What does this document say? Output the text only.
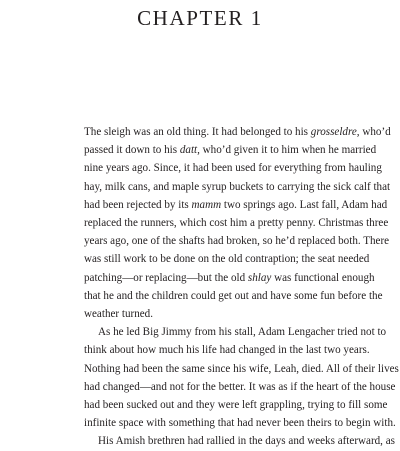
CHAPTER 1
The sleigh was an old thing. It had belonged to his grosseldre, who’d
passed it down to his datt, who’d given it to him when he married
nine years ago. Since, it had been used for everything from hauling
hay, milk cans, and maple syrup buckets to carrying the sick calf that
had been rejected by its mamm two springs ago. Last fall, Adam had
replaced the runners, which cost him a pretty penny. Christmas three
years ago, one of the shafts had broken, so he’d replaced both. There
was still work to be done on the old contraption; the seat needed
patching—or replacing—but the old shlay was functional enough
that he and the children could get out and have some fun before the
weather turned.
As he led Big Jimmy from his stall, Adam Lengacher tried not to
think about how much his life had changed in the last two years.
Nothing had been the same since his wife, Leah, died. All of their lives
had changed—and not for the better. It was as if the heart of the house
had been sucked out and they were left grappling, trying to fill some
infinite space with something that had never been theirs to begin with.
His Amish brethren had rallied in the days and weeks afterward, as
